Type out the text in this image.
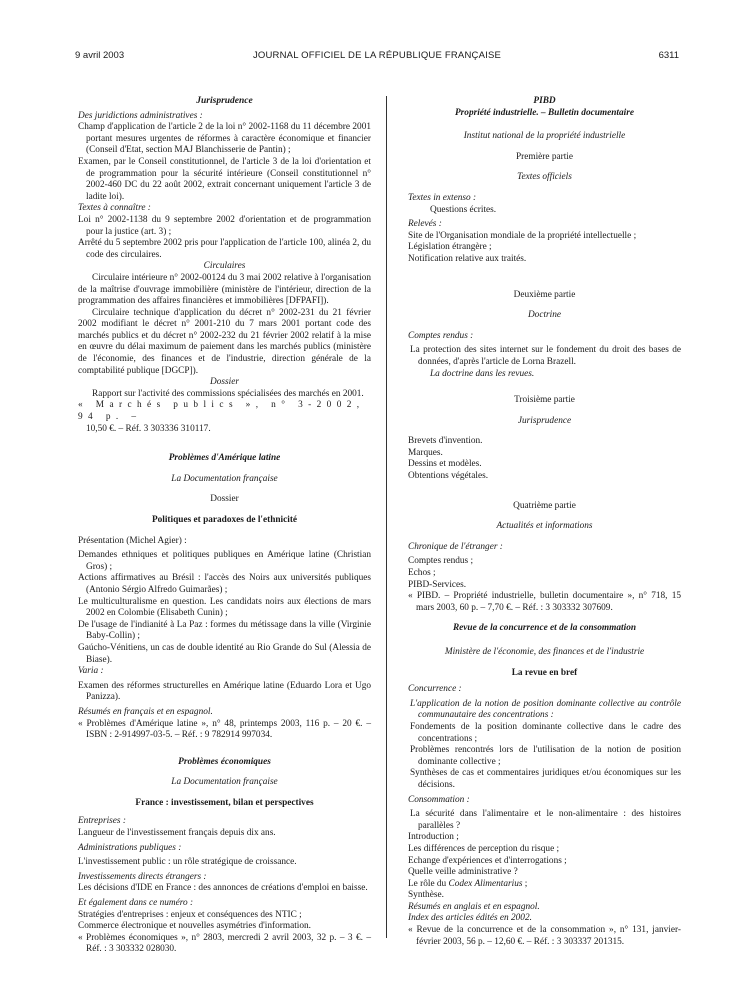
9 avril 2003	JOURNAL OFFICIEL DE LA RÉPUBLIQUE FRANÇAISE	6311

Jurisprudence

Des juridictions administratives :

Champ d'application de l'article 2 de la loi n° 2002-1168 du 11 décembre 2001 portant mesures urgentes de réformes à caractère économique et financier (Conseil d'Etat, section MAJ Blanchisserie de Pantin) ;

Examen, par le Conseil constitutionnel, de l'article 3 de la loi d'orientation et de programmation pour la sécurité intérieure (Conseil constitutionnel n° 2002-460 DC du 22 août 2002, extrait concernant uniquement l'article 3 de ladite loi).

Textes à connaître :

Loi n° 2002-1138 du 9 septembre 2002 d'orientation et de programmation pour la justice (art. 3) ;

Arrêté du 5 septembre 2002 pris pour l'application de l'article 100, alinéa 2, du code des circulaires.

Circulaires

Circulaire intérieure n° 2002-00124 du 3 mai 2002 relative à l'organisation de la maîtrise d'ouvrage immobilière (ministère de l'intérieur, direction de la programmation des affaires financières et immobilières [DFPAFI]).

Circulaire technique d'application du décret n° 2002-231 du 21 février 2002 modifiant le décret n° 2001-210 du 7 mars 2001 portant code des marchés publics et du décret n° 2002-232 du 21 février 2002 relatif à la mise en œuvre du délai maximum de paiement dans les marchés publics (ministère de l'économie, des finances et de l'industrie, direction générale de la comptabilité publique [DGCP]).

Dossier

Rapport sur l'activité des commissions spécialisées des marchés en 2001.

« Marchés publics », n° 3-2002, 94 p. –

10,50 €. – Réf. 3 303336 310117.

Problèmes d'Amérique latine

La Documentation française

Dossier

Politiques et paradoxes de l'ethnicité

Présentation (Michel Agier) :

Demandes ethniques et politiques publiques en Amérique latine (Christian Gros) ;

Actions affirmatives au Brésil : l'accès des Noirs aux universités publiques (Antonio Sérgio Alfredo Guimarães) ;

Le multiculturalisme en question. Les candidats noirs aux élections de mars 2002 en Colombie (Elisabeth Cunin) ;

De l'usage de l'indianité à La Paz : formes du métissage dans la ville (Virginie Baby-Collin) ;

Gaúcho-Vénitiens, un cas de double identité au Rio Grande do Sul (Alessia de Biase).

Varia :

Examen des réformes structurelles en Amérique latine (Eduardo Lora et Ugo Panizza).

Résumés en français et en espagnol.

« Problèmes d'Amérique latine », n° 48, printemps 2003, 116 p. – 20 €. – ISBN : 2-914997-03-5. – Réf. : 9 782914 997034.

Problèmes économiques

La Documentation française

France : investissement, bilan et perspectives

Entreprises :

Langueur de l'investissement français depuis dix ans.

Administrations publiques :

L'investissement public : un rôle stratégique de croissance.

Investissements directs étrangers :

Les décisions d'IDE en France : des annonces de créations d'emploi en baisse.

Et également dans ce numéro :

Stratégies d'entreprises : enjeux et conséquences des NTIC ;

Commerce électronique et nouvelles asymétries d'information.

« Problèmes économiques », n° 2803, mercredi 2 avril 2003, 32 p. – 3 €. – Réf. : 3 303332 028030.

PIBD

Propriété industrielle. – Bulletin documentaire

Institut national de la propriété industrielle

Première partie

Textes officiels

Textes in extenso :

Questions écrites.

Relevés :

Site de l'Organisation mondiale de la propriété intellectuelle ;

Législation étrangère ;

Notification relative aux traités.

Deuxième partie

Doctrine

Comptes rendus :

La protection des sites internet sur le fondement du droit des bases de données, d'après l'article de Lorna Brazell.

La doctrine dans les revues.

Troisième partie

Jurisprudence

Brevets d'invention.

Marques.

Dessins et modèles.

Obtentions végétales.

Quatrième partie

Actualités et informations

Chronique de l'étranger :

Comptes rendus ;

Echos ;

PIBD-Services.

« PIBD. – Propriété industrielle, bulletin documentaire », n° 718, 15 mars 2003, 60 p. – 7,70 €. – Réf. : 3 303332 307609.

Revue de la concurrence et de la consommation

Ministère de l'économie, des finances et de l'industrie

La revue en bref

Concurrence :

L'application de la notion de position dominante collective au contrôle communautaire des concentrations :

Fondements de la position dominante collective dans le cadre des concentrations ;

Problèmes rencontrés lors de l'utilisation de la notion de position dominante collective ;

Synthèses de cas et commentaires juridiques et/ou économiques sur les décisions.

Consommation :

La sécurité dans l'alimentaire et le non-alimentaire : des histoires parallèles ?

Introduction ;

Les différences de perception du risque ;

Echange d'expériences et d'interrogations ;

Quelle veille administrative ?

Le rôle du Codex Alimentarius ;

Synthèse.

Résumés en anglais et en espagnol.

Index des articles édités en 2002.

« Revue de la concurrence et de la consommation », n° 131, janvier-février 2003, 56 p. – 12,60 €. – Réf. : 3 303337 201315.
